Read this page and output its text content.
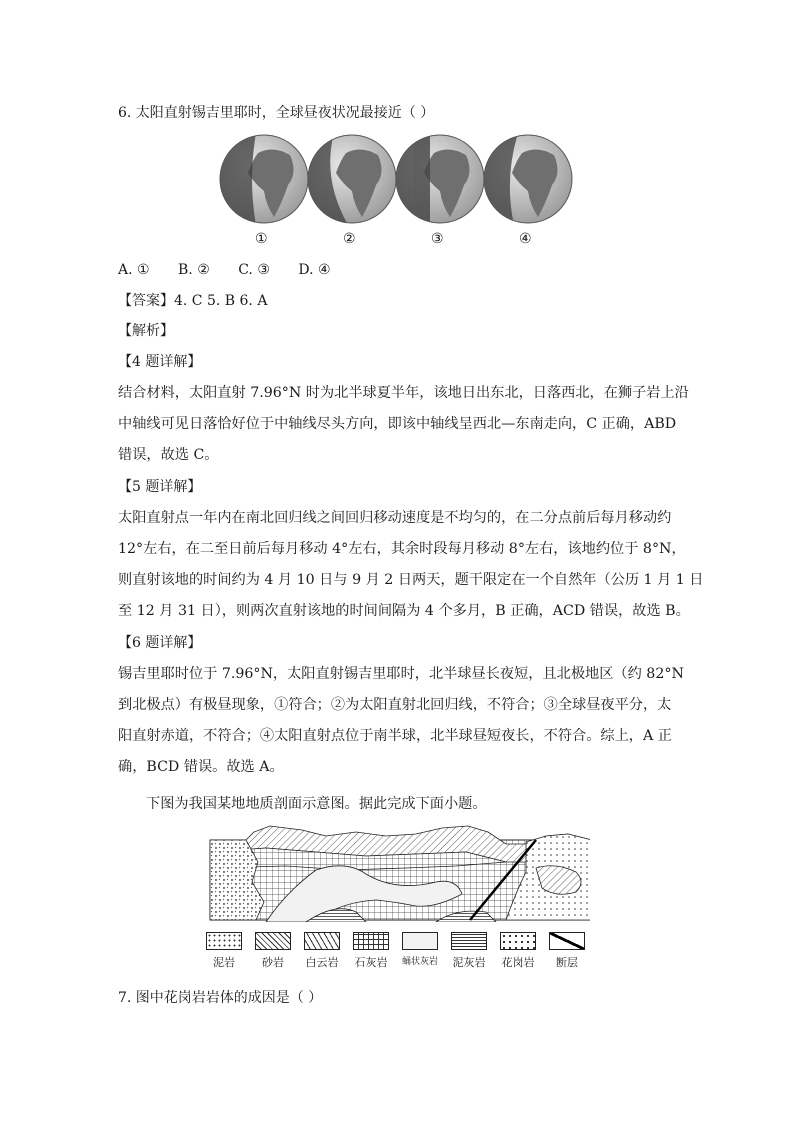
6. 太阳直射锡吉里耶时，全球昼夜状况最接近（ ）
①	②	③	④
A. ① B. ② C. ③ D. ④
【答案】4. C 5. B 6. A
【解析】
【4 题详解】
结合材料，太阳直射 7.96°N 时为北半球夏半年，该地日出东北，日落西北，在狮子岩上沿
中轴线可见日落恰好位于中轴线尽头方向，即该中轴线呈西北—东南走向，C 正确，ABD
错误，故选 C。
【5 题详解】
太阳直射点一年内在南北回归线之间回归移动速度是不均匀的，在二分点前后每月移动约
12°左右，在二至日前后每月移动 4°左右，其余时段每月移动 8°左右，该地约位于 8°N，
则直射该地的时间约为 4 月 10 日与 9 月 2 日两天，题干限定在一个自然年（公历 1 月 1 日
至 12 月 31 日），则两次直射该地的时间间隔为 4 个多月，B 正确，ACD 错误，故选 B。
【6 题详解】
锡吉里耶时位于 7.96°N，太阳直射锡吉里耶时，北半球昼长夜短，且北极地区（约 82°N
到北极点）有极昼现象，①符合；②为太阳直射北回归线，不符合；③全球昼夜平分，太
阳直射赤道，不符合；④太阳直射点位于南半球，北半球昼短夜长，不符合。综上，A 正
确，BCD 错误。故选 A。
下图为我国某地地质剖面示意图。据此完成下面小题。
泥岩	砂岩	白云岩 石灰岩 蛹状灰岩 泥灰岩 花岗岩	断层
7. 图中花岗岩岩体的成因是（ ）
